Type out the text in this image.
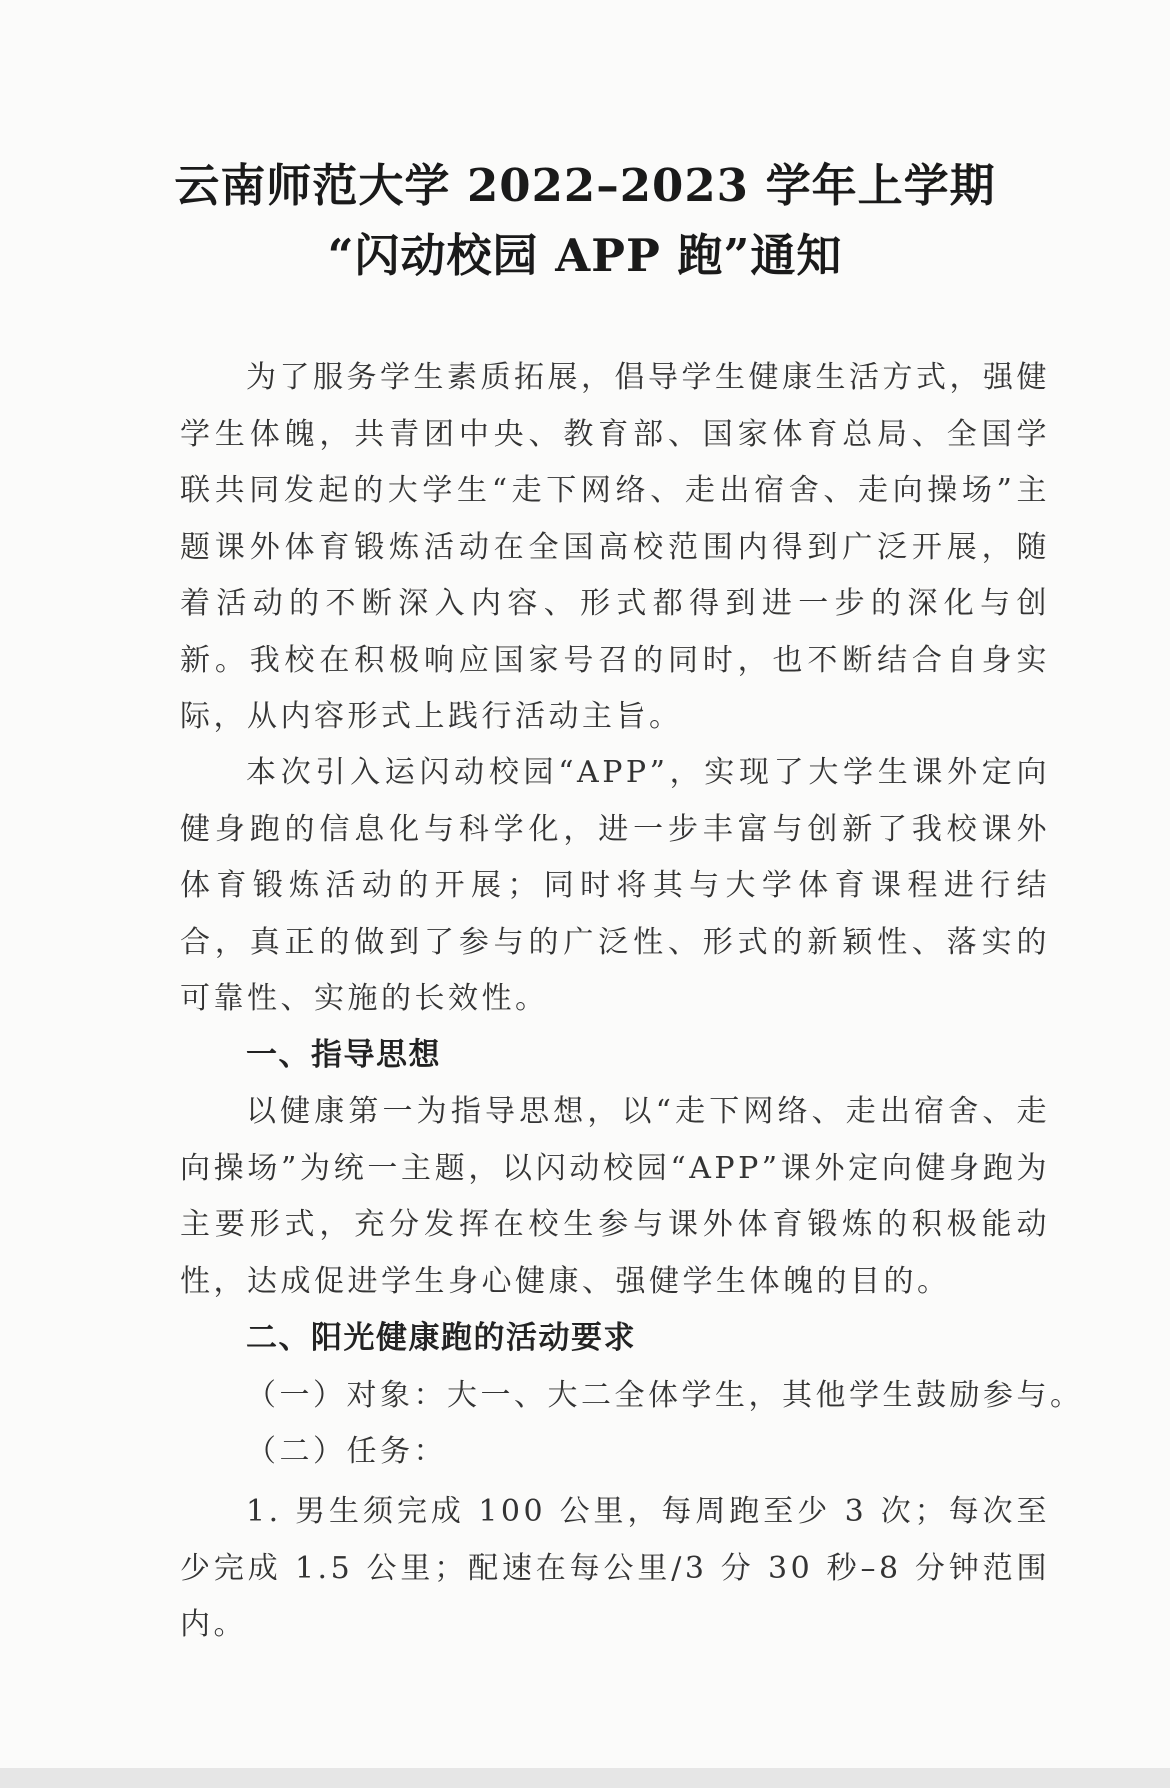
云南师范大学 2022–2023 学年上学期
“闪动校园 APP 跑”通知

为了服务学生素质拓展，倡导学生健康生活方式，强健学生体魄，共青团中央、教育部、国家体育总局、全国学联共同发起的大学生“走下网络、走出宿舍、走向操场”主题课外体育锻炼活动在全国高校范围内得到广泛开展，随着活动的不断深入内容、形式都得到进一步的深化与创新。我校在积极响应国家号召的同时，也不断结合自身实际，从内容形式上践行活动主旨。

本次引入运闪动校园“APP”，实现了大学生课外定向健身跑的信息化与科学化，进一步丰富与创新了我校课外体育锻炼活动的开展；同时将其与大学体育课程进行结合，真正的做到了参与的广泛性、形式的新颖性、落实的可靠性、实施的长效性。

一、指导思想

以健康第一为指导思想，以“走下网络、走出宿舍、走向操场”为统一主题，以闪动校园“APP”课外定向健身跑为主要形式，充分发挥在校生参与课外体育锻炼的积极能动性，达成促进学生身心健康、强健学生体魄的目的。

二、阳光健康跑的活动要求

（一）对象：大一、大二全体学生，其他学生鼓励参与。

（二）任务：

1. 男生须完成 100 公里，每周跑至少 3 次；每次至少完成 1.5 公里；配速在每公里/3 分 30 秒–8 分钟范围内。
